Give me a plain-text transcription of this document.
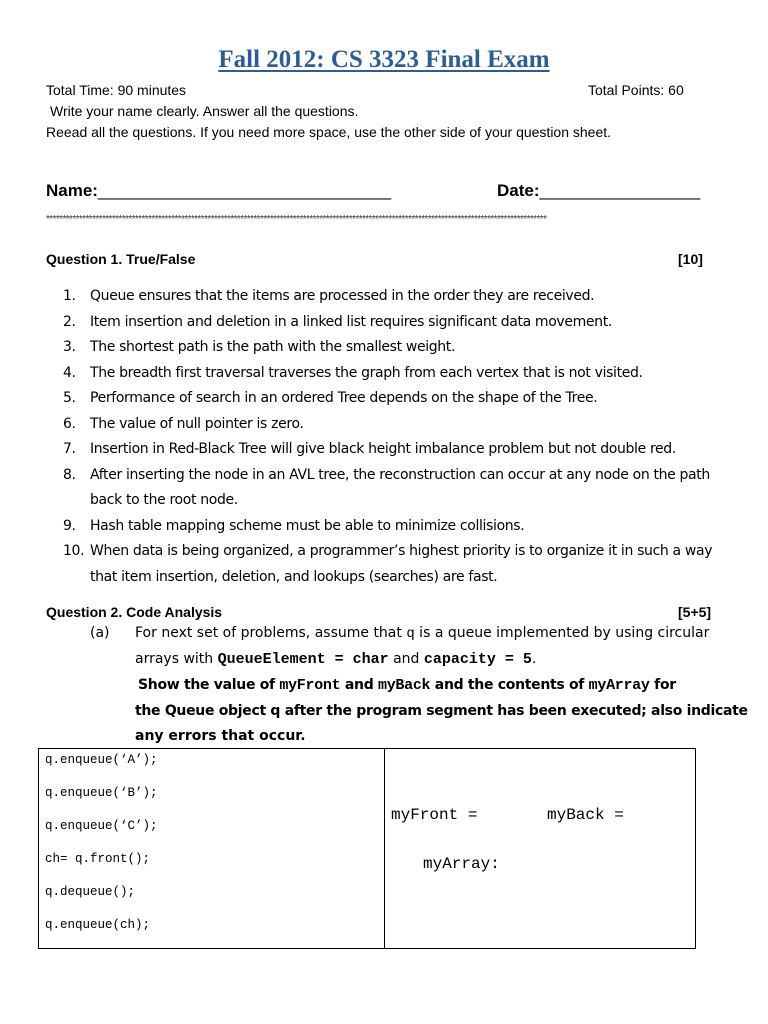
Fall 2012: CS 3323 Final Exam
Total Time: 90 minutes	Total Points: 60
Write your name clearly. Answer all the questions.
Reead all the questions. If you need more space, use the other side of your question sheet.
Name:_______________________________	Date:_________________
********************************************************************************************************************************************************
Question 1. True/False	[10]
1.	Queue ensures that the items are processed in the order they are received.
2.	Item insertion and deletion in a linked list requires significant data movement.
3.	The shortest path is the path with the smallest weight.
4.	The breadth first traversal traverses the graph from each vertex that is not visited.
5.	Performance of search in an ordered Tree depends on the shape of the Tree.
6.	The value of null pointer is zero.
7.	Insertion in Red-Black Tree will give black height imbalance problem but not double red.
8.	After inserting the node in an AVL tree, the reconstruction can occur at any node on the path back to the root node.
9.	Hash table mapping scheme must be able to minimize collisions.
10. When data is being organized, a programmer’s highest priority is to organize it in such a way that item insertion, deletion, and lookups (searches) are fast.
Question 2. Code Analysis	[5+5]
(a) For next set of problems, assume that q is a queue implemented by using circular
arrays with QueueElement = char and capacity = 5.
Show the value of myFront and myBack and the contents of myArray for
the Queue object q after the program segment has been executed; also indicate
any errors that occur.
q.enqueue(‘A’);
q.enqueue(‘B’);
q.enqueue(‘C’);
ch= q.front();
q.dequeue();
q.enqueue(ch);
myFront =	myBack =
myArray:
